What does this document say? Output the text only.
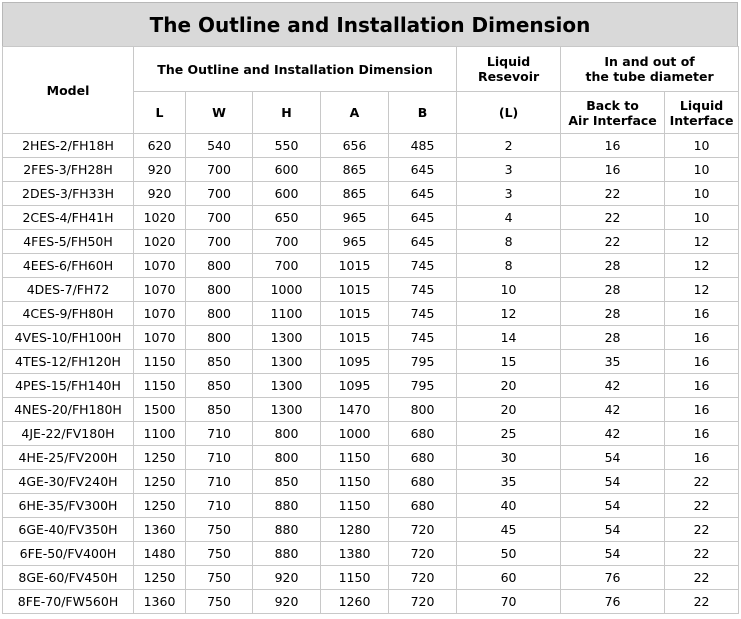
The Outline and Installation Dimension
Model	The Outline and Installation Dimension					Liquid Resevoir	In and out of
the tube diameter	
	L	W	H	A	B	(L)	Back to
Air Interface	Liquid
Interface
2HES-2/FH18H	620	540	550	656	485	2	16	10
2FES-3/FH28H	920	700	600	865	645	3	16	10
2DES-3/FH33H	920	700	600	865	645	3	22	10
2CES-4/FH41H	1020	700	650	965	645	4	22	10
4FES-5/FH50H	1020	700	700	965	645	8	22	12
4EES-6/FH60H	1070	800	700	1015	745	8	28	12
4DES-7/FH72	1070	800	1000	1015	745	10	28	12
4CES-9/FH80H	1070	800	1100	1015	745	12	28	16
4VES-10/FH100H	1070	800	1300	1015	745	14	28	16
4TES-12/FH120H	1150	850	1300	1095	795	15	35	16
4PES-15/FH140H	1150	850	1300	1095	795	20	42	16
4NES-20/FH180H	1500	850	1300	1470	800	20	42	16
4JE-22/FV180H	1100	710	800	1000	680	25	42	16
4HE-25/FV200H	1250	710	800	1150	680	30	54	16
4GE-30/FV240H	1250	710	850	1150	680	35	54	22
6HE-35/FV300H	1250	710	880	1150	680	40	54	22
6GE-40/FV350H	1360	750	880	1280	720	45	54	22
6FE-50/FV400H	1480	750	880	1380	720	50	54	22
8GE-60/FV450H	1250	750	920	1150	720	60	76	22
8FE-70/FW560H	1360	750	920	1260	720	70	76	22
